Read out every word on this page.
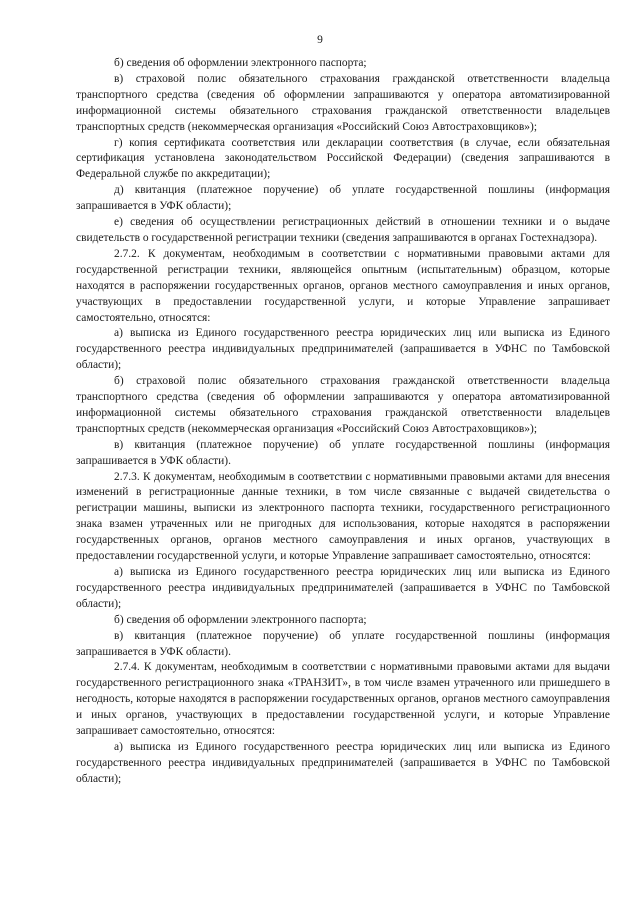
9

б) сведения об оформлении электронного паспорта;

в) страховой полис обязательного страхования гражданской ответственности владельца транспортного средства (сведения об оформлении запрашиваются у оператора автоматизированной информационной системы обязательного страхования гражданской ответственности владельцев транспортных средств (некоммерческая организация «Российский Союз Автостраховщиков»);

г) копия сертификата соответствия или декларации соответствия (в случае, если обязательная сертификация установлена законодательством Российской Федерации) (сведения запрашиваются в Федеральной службе по аккредитации);

д) квитанция (платежное поручение) об уплате государственной пошлины (информация запрашивается в УФК области);

е) сведения об осуществлении регистрационных действий в отношении техники и о выдаче свидетельств о государственной регистрации техники (сведения запрашиваются в органах Гостехнадзора).

2.7.2. К документам, необходимым в соответствии с нормативными правовыми актами для государственной регистрации техники, являющейся опытным (испытательным) образцом, которые находятся в распоряжении государственных органов, органов местного самоуправления и иных органов, участвующих в предоставлении государственной услуги, и которые Управление запрашивает самостоятельно, относятся:

а) выписка из Единого государственного реестра юридических лиц или выписка из Единого государственного реестра индивидуальных предпринимателей (запрашивается в УФНС по Тамбовской области);

б) страховой полис обязательного страхования гражданской ответственности владельца транспортного средства (сведения об оформлении запрашиваются у оператора автоматизированной информационной системы обязательного страхования гражданской ответственности владельцев транспортных средств (некоммерческая организация «Российский Союз Автостраховщиков»);

в) квитанция (платежное поручение) об уплате государственной пошлины (информация запрашивается в УФК области).

2.7.3. К документам, необходимым в соответствии с нормативными правовыми актами для внесения изменений в регистрационные данные техники, в том числе связанные с выдачей свидетельства о регистрации машины, выписки из электронного паспорта техники, государственного регистрационного знака взамен утраченных или не пригодных для использования, которые находятся в распоряжении государственных органов, органов местного самоуправления и иных органов, участвующих в предоставлении государственной услуги, и которые Управление запрашивает самостоятельно, относятся:

а) выписка из Единого государственного реестра юридических лиц или выписка из Единого государственного реестра индивидуальных предпринимателей (запрашивается в УФНС по Тамбовской области);

б) сведения об оформлении электронного паспорта;

в) квитанция (платежное поручение) об уплате государственной пошлины (информация запрашивается в УФК области).

2.7.4. К документам, необходимым в соответствии с нормативными правовыми актами для выдачи государственного регистрационного знака «ТРАНЗИТ», в том числе взамен утраченного или пришедшего в негодность, которые находятся в распоряжении государственных органов, органов местного самоуправления и иных органов, участвующих в предоставлении государственной услуги, и которые Управление запрашивает самостоятельно, относятся:

а) выписка из Единого государственного реестра юридических лиц или выписка из Единого государственного реестра индивидуальных предпринимателей (запрашивается в УФНС по Тамбовской области);
